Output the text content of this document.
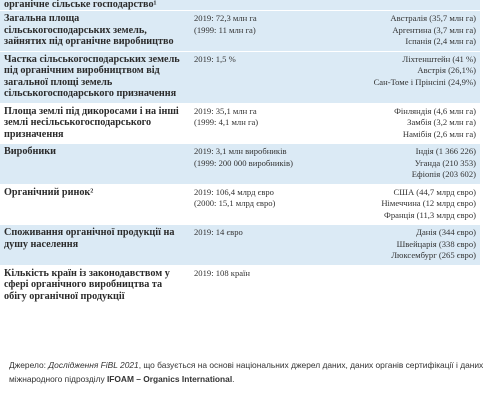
органічне сільське господарство¹		
Загальна площа сільськогосподарських земель, зайнятих під органічне виробництво	2019: 72,3 млн га
(1999: 11 млн га)	Австралія (35,7 млн га)
Аргентина (3,7 млн га)
Іспанія (2,4 млн га)

Частка сільськогосподарських земель під органічним виробництвом від загальної площі земель сільськогосподарського призначення	2019: 1,5 %	Ліхтенштейн (41 %)
Австрія (26,1%)
Сан-Томе і Прінсіпі (24,9%)

Площа землі під дикоросами і на інші землі несільськогосподарського призначення	2019: 35,1 млн га
(1999: 4,1 млн га)	Фінляндія (4,6 млн га)
Замбія (3,2 млн га)
Намібія (2,6 млн га)

Виробники	2019: 3,1 млн виробників
(1999: 200 000 виробників)	Індія (1 366 226)
Уганда (210 353)
Ефіопія (203 602)

Органічний ринок²	2019: 106,4 млрд євро
(2000: 15,1 млрд євро)	США (44,7 млрд євро)
Німеччина (12 млрд євро)
Франція (11,3 млрд євро)

Споживання органічної продукції на душу населення	2019: 14 євро	Данія (344 євро)
Швейцарія (338 євро)
Люксембург (265 євро)

Кількість країн із законодавством у сфері органічного виробництва та обігу органічної продукції	2019: 108 країн	

Джерело: Дослідження FiBL 2021, що базується на основі національних джерел даних, даних органів сертифікації і даних міжнародного підрозділу IFOAM – Organics International.
